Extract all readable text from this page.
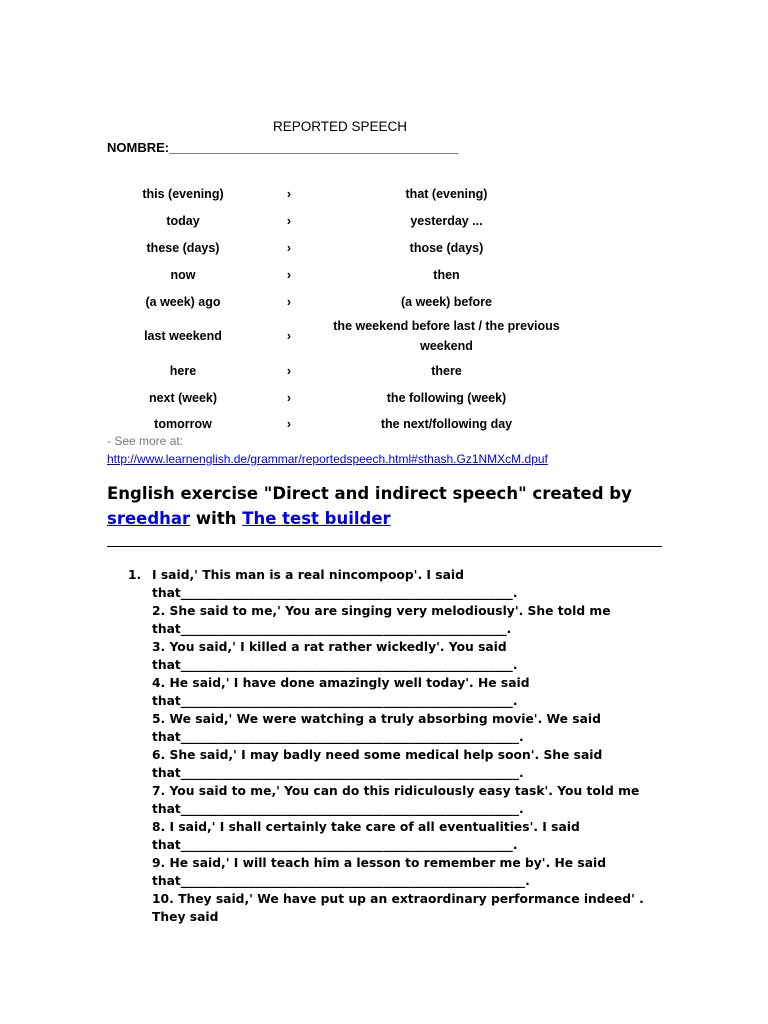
REPORTED SPEECH
NOMBRE:________________________________________
this (evening)	›	that (evening)
today	›	yesterday ...
these (days)	›	those (days)
now	›	then
(a week) ago	›	(a week) before
last weekend	›	the weekend before last / the previous weekend
here	›	there
next (week)	›	the following (week)
tomorrow	›	the next/following day
- See more at:
http://www.learnenglish.de/grammar/reportedspeech.html#sthash.Gz1NMXcM.dpuf
English exercise "Direct and indirect speech" created by sreedhar with The test builder
1. I said,' This man is a real nincompoop'. I said
that______________________________________________________.
2. She said to me,' You are singing very melodiously'. She told me
that_____________________________________________________.
3. You said,' I killed a rat rather wickedly'. You said
that______________________________________________________.
4. He said,' I have done amazingly well today'. He said
that______________________________________________________.
5. We said,' We were watching a truly absorbing movie'. We said
that_______________________________________________________.
6. She said,' I may badly need some medical help soon'. She said
that_______________________________________________________.
7. You said to me,' You can do this ridiculously easy task'. You told me
that_______________________________________________________.
8. I said,' I shall certainly take care of all eventualities'. I said
that______________________________________________________.
9. He said,' I will teach him a lesson to remember me by'. He said
that________________________________________________________.
10. They said,' We have put up an extraordinary performance indeed' .
They said
